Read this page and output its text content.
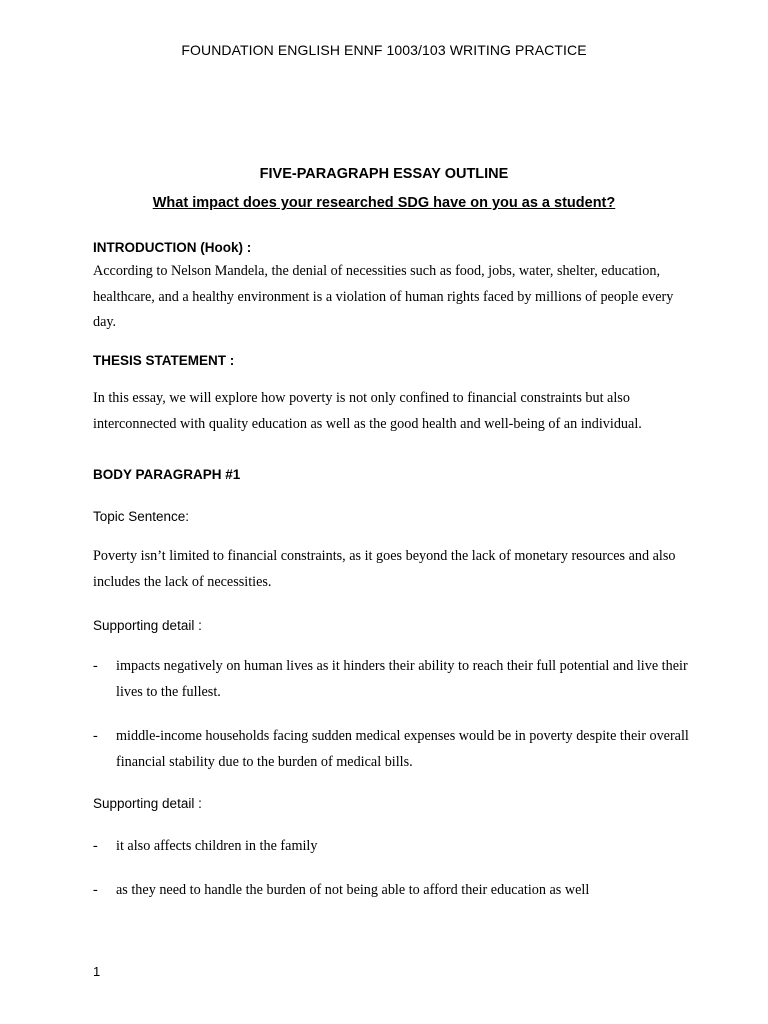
FOUNDATION ENGLISH ENNF 1003/103 WRITING PRACTICE
FIVE-PARAGRAPH ESSAY OUTLINE
What impact does your researched SDG have on you as a student?
INTRODUCTION (Hook) :
According to Nelson Mandela, the denial of necessities such as food, jobs, water, shelter, education, healthcare, and a healthy environment is a violation of human rights faced by millions of people every day.
THESIS STATEMENT :
In this essay, we will explore how poverty is not only confined to financial constraints but also interconnected with quality education as well as the good health and well-being of an individual.
BODY PARAGRAPH #1
Topic Sentence:
Poverty isn’t limited to financial constraints, as it goes beyond the lack of monetary resources and also includes the lack of necessities.
Supporting detail :
- impacts negatively on human lives as it hinders their ability to reach their full potential and live their lives to the fullest.
- middle-income households facing sudden medical expenses would be in poverty despite their overall financial stability due to the burden of medical bills.
Supporting detail :
- it also affects children in the family
- as they need to handle the burden of not being able to afford their education as well
1
